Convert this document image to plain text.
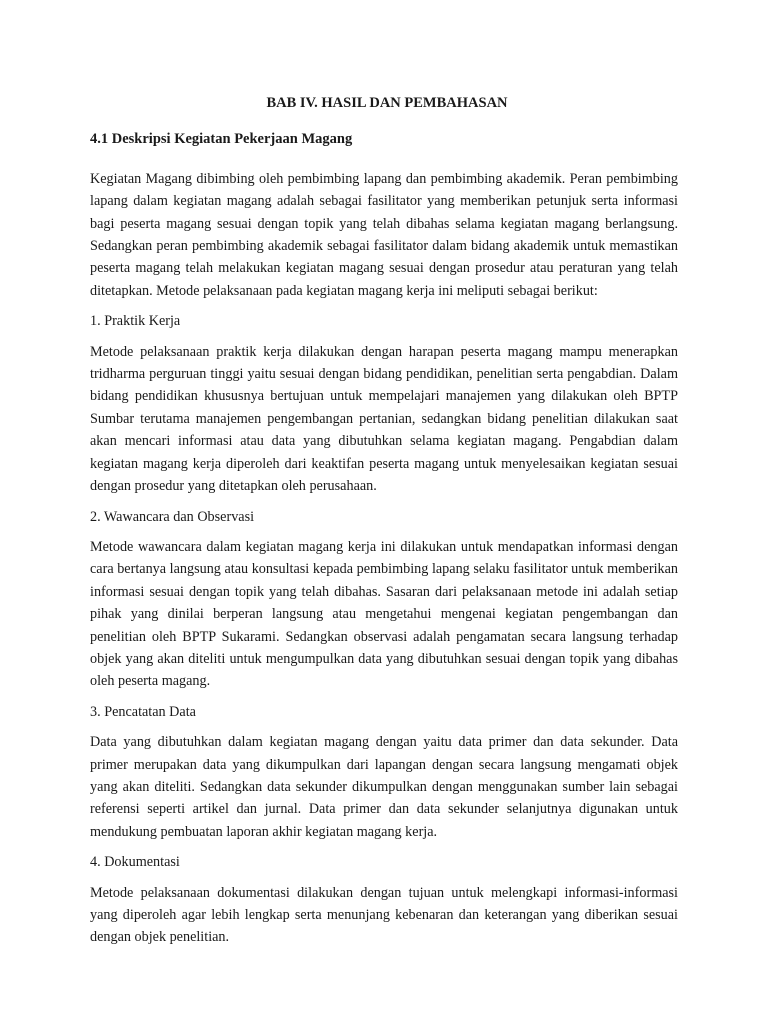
BAB IV. HASIL DAN PEMBAHASAN
4.1 Deskripsi Kegiatan Pekerjaan Magang

Kegiatan Magang dibimbing oleh pembimbing lapang dan pembimbing akademik. Peran pembimbing lapang dalam kegiatan magang adalah sebagai fasilitator yang memberikan petunjuk serta informasi bagi peserta magang sesuai dengan topik yang telah dibahas selama kegiatan magang berlangsung. Sedangkan peran pembimbing akademik sebagai fasilitator dalam bidang akademik untuk memastikan peserta magang telah melakukan kegiatan magang sesuai dengan prosedur atau peraturan yang telah ditetapkan. Metode pelaksanaan pada kegiatan magang kerja ini meliputi sebagai berikut:

1. Praktik Kerja

Metode pelaksanaan praktik kerja dilakukan dengan harapan peserta magang mampu menerapkan tridharma perguruan tinggi yaitu sesuai dengan bidang pendidikan, penelitian serta pengabdian. Dalam bidang pendidikan khususnya bertujuan untuk mempelajari manajemen yang dilakukan oleh BPTP Sumbar terutama manajemen pengembangan pertanian, sedangkan bidang penelitian dilakukan saat akan mencari informasi atau data yang dibutuhkan selama kegiatan magang. Pengabdian dalam kegiatan magang kerja diperoleh dari keaktifan peserta magang untuk menyelesaikan kegiatan sesuai dengan prosedur yang ditetapkan oleh perusahaan.

2. Wawancara dan Observasi

Metode wawancara dalam kegiatan magang kerja ini dilakukan untuk mendapatkan informasi dengan cara bertanya langsung atau konsultasi kepada pembimbing lapang selaku fasilitator untuk memberikan informasi sesuai dengan topik yang telah dibahas. Sasaran dari pelaksanaan metode ini adalah setiap pihak yang dinilai berperan langsung atau mengetahui mengenai kegiatan pengembangan dan penelitian oleh BPTP Sukarami. Sedangkan observasi adalah pengamatan secara langsung terhadap objek yang akan diteliti untuk mengumpulkan data yang dibutuhkan sesuai dengan topik yang dibahas oleh peserta magang.

3. Pencatatan Data

Data yang dibutuhkan dalam kegiatan magang dengan yaitu data primer dan data sekunder. Data primer merupakan data yang dikumpulkan dari lapangan dengan secara langsung mengamati objek yang akan diteliti. Sedangkan data sekunder dikumpulkan dengan menggunakan sumber lain sebagai referensi seperti artikel dan jurnal. Data primer dan data sekunder selanjutnya digunakan untuk mendukung pembuatan laporan akhir kegiatan magang kerja.

4. Dokumentasi

Metode pelaksanaan dokumentasi dilakukan dengan tujuan untuk melengkapi informasi-informasi yang diperoleh agar lebih lengkap serta menunjang kebenaran dan keterangan yang diberikan sesuai dengan objek penelitian.
